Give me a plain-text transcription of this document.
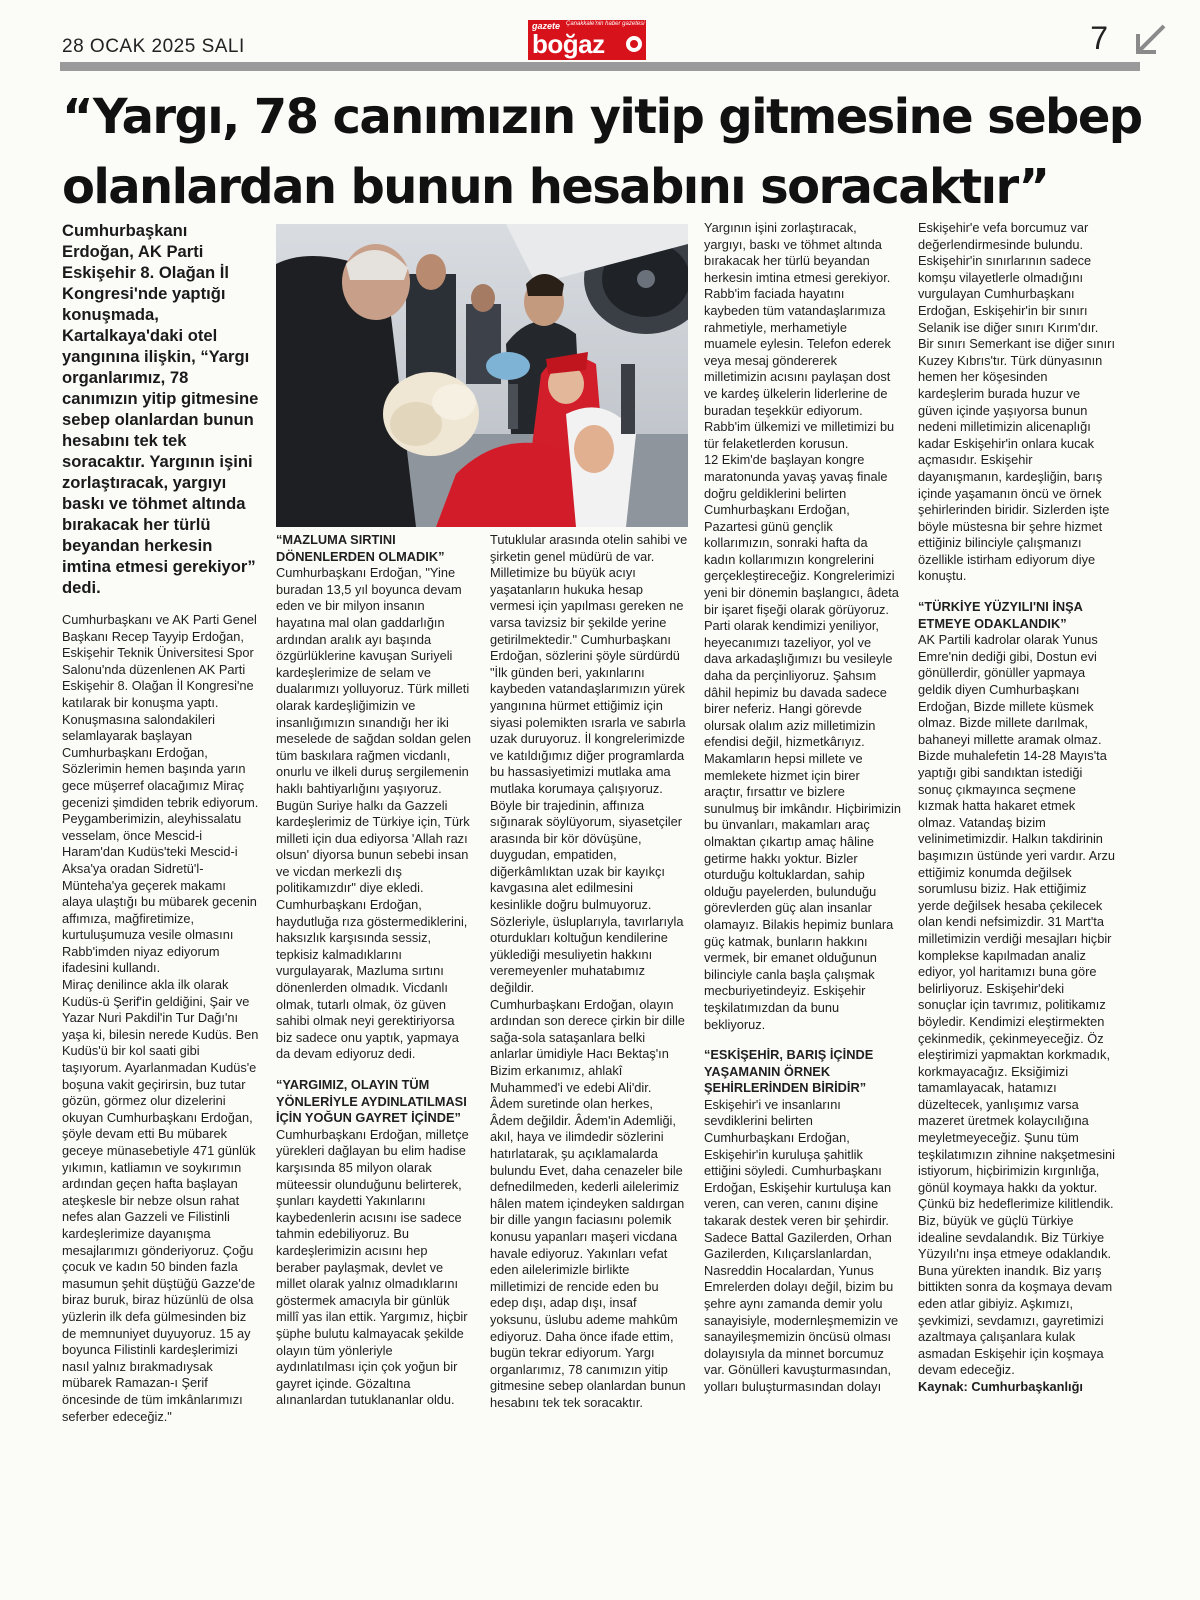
28 OCAK 2025 SALI
gazete Çanakkale'nin haber gazetesi
boğaz	7
“Yargı, 78 canımızın yitip gitmesine sebep olanlardan bunun hesabını soracaktır”

Cumhurbaşkanı Erdoğan, AK Parti Eskişehir 8. Olağan İl Kongresi'nde yaptığı konuşmada, Kartalkaya'daki otel yangınına ilişkin, “Yargı organlarımız, 78 canımızın yitip gitmesine sebep olanlardan bunun hesabını tek tek soracaktır. Yargının işini zorlaştıracak, yargıyı baskı ve töhmet altında bırakacak her türlü beyandan herkesin imtina etmesi gerekiyor” dedi.

Cumhurbaşkanı ve AK Parti Genel Başkanı Recep Tayyip Erdoğan, Eskişehir Teknik Üniversitesi Spor Salonu'nda düzenlenen AK Parti Eskişehir 8. Olağan İl Kongresi'ne katılarak bir konuşma yaptı. Konuşmasına salondakileri selamlayarak başlayan Cumhurbaşkanı Erdoğan, Sözlerimin hemen başında yarın gece müşerref olacağımız Miraç gecenizi şimdiden tebrik ediyorum. Peygamberimizin, aleyhissalatu vesselam, önce Mescid-i Haram'dan Kudüs'teki Mescid-i Aksa'ya oradan Sidretü'l-Münteha'ya geçerek makamı alaya ulaştığı bu mübarek gecenin affımıza, mağfiretimize, kurtuluşumuza vesile olmasını Rabb'imden niyaz ediyorum ifadesini kullandı.

Miraç denilince akla ilk olarak Kudüs-ü Şerif'in geldiğini, Şair ve Yazar Nuri Pakdil'in Tur Dağı'nı yaşa ki, bilesin nerede Kudüs. Ben Kudüs'ü bir kol saati gibi taşıyorum. Ayarlanmadan Kudüs'e boşuna vakit geçirirsin, buz tutar gözün, görmez olur dizelerini okuyan Cumhurbaşkanı Erdoğan, şöyle devam etti Bu mübarek geceye münasebetiyle 471 günlük yıkımın, katliamın ve soykırımın ardından geçen hafta başlayan ateşkesle bir nebze olsun rahat nefes alan Gazzeli ve Filistinli kardeşlerimize dayanışma mesajlarımızı gönderiyoruz. Çoğu çocuk ve kadın 50 binden fazla masumun şehit düştüğü Gazze'de biraz buruk, biraz hüzünlü de olsa yüzlerin ilk defa gülmesinden biz de memnuniyet duyuyoruz. 15 ay boyunca Filistinli kardeşlerimizi nasıl yalnız bırakmadıysak mübarek Ramazan-ı Şerif öncesinde de tüm imkânlarımızı seferber edeceğiz."

“MAZLUMA SIRTINI DÖNENLERDEN OLMADIK”

Cumhurbaşkanı Erdoğan, "Yine buradan 13,5 yıl boyunca devam eden ve bir milyon insanın hayatına mal olan gaddarlığın ardından aralık ayı başında özgürlüklerine kavuşan Suriyeli kardeşlerimize de selam ve dualarımızı yolluyoruz. Türk milleti olarak kardeşliğimizin ve insanlığımızın sınandığı her iki meselede de sağdan soldan gelen tüm baskılara rağmen vicdanlı, onurlu ve ilkeli duruş sergilemenin haklı bahtiyarlığını yaşıyoruz. Bugün Suriye halkı da Gazzeli kardeşlerimiz de Türkiye için, Türk milleti için dua ediyorsa 'Allah razı olsun' diyorsa bunun sebebi insan ve vicdan merkezli dış politikamızdır" diye ekledi. Cumhurbaşkanı Erdoğan, haydutluğa rıza göstermediklerini, haksızlık karşısında sessiz, tepkisiz kalmadıklarını vurgulayarak, Mazluma sırtını dönenlerden olmadık. Vicdanlı olmak, tutarlı olmak, öz güven sahibi olmak neyi gerektiriyorsa biz sadece onu yaptık, yapmaya da devam ediyoruz dedi.

“YARGIMIZ, OLAYIN TÜM YÖNLERİYLE AYDINLATILMASI İÇİN YOĞUN GAYRET İÇİNDE”

Cumhurbaşkanı Erdoğan, milletçe yürekleri dağlayan bu elim hadise karşısında 85 milyon olarak müteessir olunduğunu belirterek, şunları kaydetti Yakınlarını kaybedenlerin acısını ise sadece tahmin edebiliyoruz. Bu kardeşlerimizin acısını hep beraber paylaşmak, devlet ve millet olarak yalnız olmadıklarını göstermek amacıyla bir günlük millî yas ilan ettik. Yargımız, hiçbir şüphe bulutu kalmayacak şekilde olayın tüm yönleriyle aydınlatılması için çok yoğun bir gayret içinde. Gözaltına alınanlardan tutuklananlar oldu.

Tutuklular arasında otelin sahibi ve şirketin genel müdürü de var. Milletimize bu büyük acıyı yaşatanların hukuka hesap vermesi için yapılması gereken ne varsa tavizsiz bir şekilde yerine getirilmektedir." Cumhurbaşkanı Erdoğan, sözlerini şöyle sürdürdü "İlk günden beri, yakınlarını kaybeden vatandaşlarımızın yürek yangınına hürmet ettiğimiz için siyasi polemikten ısrarla ve sabırla uzak duruyoruz. İl kongrelerimizde ve katıldığımız diğer programlarda bu hassasiyetimizi mutlaka ama mutlaka korumaya çalışıyoruz. Böyle bir trajedinin, affınıza sığınarak söylüyorum, siyasetçiler arasında bir kör dövüşüne, duygudan, empatiden, diğerkâmlıktan uzak bir kayıkçı kavgasına alet edilmesini kesinlikle doğru bulmuyoruz. Sözleriyle, üsluplarıyla, tavırlarıyla oturdukları koltuğun kendilerine yüklediği mesuliyetin hakkını veremeyenler muhatabımız değildir.

Cumhurbaşkanı Erdoğan, olayın ardından son derece çirkin bir dille sağa-sola sataşanlara belki anlarlar ümidiyle Hacı Bektaş'ın Bizim erkanımız, ahlakî Muhammed'i ve edebi Ali'dir. Âdem suretinde olan herkes, Âdem değildir. Âdem'in Ademliği, akıl, haya ve ilimdedir sözlerini hatırlatarak, şu açıklamalarda bulundu Evet, daha cenazeler bile defnedilmeden, kederli ailelerimiz hâlen matem içindeyken saldırgan bir dille yangın faciasını polemik konusu yapanları maşeri vicdana havale ediyoruz. Yakınları vefat eden ailelerimizle birlikte milletimizi de rencide eden bu edep dışı, adap dışı, insaf yoksunu, üslubu ademe mahkûm ediyoruz. Daha önce ifade ettim, bugün tekrar ediyorum. Yargı organlarımız, 78 canımızın yitip gitmesine sebep olanlardan bunun hesabını tek tek soracaktır.

Yargının işini zorlaştıracak, yargıyı, baskı ve töhmet altında bırakacak her türlü beyandan herkesin imtina etmesi gerekiyor. Rabb'im faciada hayatını kaybeden tüm vatandaşlarımıza rahmetiyle, merhametiyle muamele eylesin. Telefon ederek veya mesaj göndererek milletimizin acısını paylaşan dost ve kardeş ülkelerin liderlerine de buradan teşekkür ediyorum. Rabb'im ülkemizi ve milletimizi bu tür felaketlerden korusun.

12 Ekim'de başlayan kongre maratonunda yavaş yavaş finale doğru geldiklerini belirten Cumhurbaşkanı Erdoğan, Pazartesi günü gençlik kollarımızın, sonraki hafta da kadın kollarımızın kongrelerini gerçekleştireceğiz. Kongrelerimizi yeni bir dönemin başlangıcı, âdeta bir işaret fişeği olarak görüyoruz. Parti olarak kendimizi yeniliyor, heyecanımızı tazeliyor, yol ve dava arkadaşlığımızı bu vesileyle daha da perçinliyoruz. Şahsım dâhil hepimiz bu davada sadece birer neferiz. Hangi görevde olursak olalım aziz milletimizin efendisi değil, hizmetkârıyız. Makamların hepsi millete ve memlekete hizmet için birer araçtır, fırsattır ve bizlere sunulmuş bir imkândır. Hiçbirimizin bu ünvanları, makamları araç olmaktan çıkartıp amaç hâline getirme hakkı yoktur. Bizler oturduğu koltuklardan, sahip olduğu payelerden, bulunduğu görevlerden güç alan insanlar olamayız. Bilakis hepimiz bunlara güç katmak, bunların hakkını vermek, bir emanet olduğunun bilinciyle canla başla çalışmak mecburiyetindeyiz. Eskişehir teşkilatımızdan da bunu bekliyoruz.

“ESKİŞEHİR, BARIŞ İÇİNDE YAŞAMANIN ÖRNEK ŞEHİRLERİNDEN BİRİDİR”

Eskişehir'i ve insanlarını sevdiklerini belirten Cumhurbaşkanı Erdoğan, Eskişehir'in kuruluşa şahitlik ettiğini söyledi. Cumhurbaşkanı Erdoğan, Eskişehir kurtuluşa kan veren, can veren, canını dişine takarak destek veren bir şehirdir. Sadece Battal Gazilerden, Orhan Gazilerden, Kılıçarslanlardan, Nasreddin Hocalardan, Yunus Emrelerden dolayı değil, bizim bu şehre aynı zamanda demir yolu sanayisiyle, modernleşmemizin ve sanayileşmemizin öncüsü olması dolayısıyla da minnet borcumuz var. Gönülleri kavuşturmasından, yolları buluşturmasından dolayı

Eskişehir'e vefa borcumuz var değerlendirmesinde bulundu. Eskişehir'in sınırlarının sadece komşu vilayetlerle olmadığını vurgulayan Cumhurbaşkanı Erdoğan, Eskişehir'in bir sınırı Selanik ise diğer sınırı Kırım'dır. Bir sınırı Semerkant ise diğer sınırı Kuzey Kıbrıs'tır. Türk dünyasının hemen her köşesinden kardeşlerim burada huzur ve güven içinde yaşıyorsa bunun nedeni milletimizin alicenaplığı kadar Eskişehir'in onlara kucak açmasıdır. Eskişehir dayanışmanın, kardeşliğin, barış içinde yaşamanın öncü ve örnek şehirlerinden biridir. Sizlerden işte böyle müstesna bir şehre hizmet ettiğiniz bilinciyle çalışmanızı özellikle istirham ediyorum diye konuştu.

“TÜRKİYE YÜZYILI'NI İNŞA ETMEYE ODAKLANDIK”

AK Partili kadrolar olarak Yunus Emre'nin dediği gibi, Dostun evi gönüllerdir, gönüller yapmaya geldik diyen Cumhurbaşkanı Erdoğan, Bizde millete küsmek olmaz. Bizde millete darılmak, bahaneyi millette aramak olmaz. Bizde muhalefetin 14-28 Mayıs'ta yaptığı gibi sandıktan istediği sonuç çıkmayınca seçmene kızmak hatta hakaret etmek olmaz. Vatandaş bizim velinimetimizdir. Halkın takdirinin başımızın üstünde yeri vardır. Arzu ettiğimiz konumda değilsek sorumlusu biziz. Hak ettiğimiz yerde değilsek hesaba çekilecek olan kendi nefsimizdir. 31 Mart'ta milletimizin verdiği mesajları hiçbir komplekse kapılmadan analiz ediyor, yol haritamızı buna göre belirliyoruz. Eskişehir'deki sonuçlar için tavrımız, politikamız böyledir. Kendimizi eleştirmekten çekinmedik, çekinmeyeceğiz. Öz eleştirimizi yapmaktan korkmadık, korkmayacağız. Eksiğimizi tamamlayacak, hatamızı düzeltecek, yanlışımız varsa mazeret üretmek kolaycılığına meyletmeyeceğiz. Şunu tüm teşkilatımızın zihnine nakşetmesini istiyorum, hiçbirimizin kırgınlığa, gönül koymaya hakkı da yoktur. Çünkü biz hedeflerimize kilitlendik. Biz, büyük ve güçlü Türkiye idealine sevdalandık. Biz Türkiye Yüzyılı'nı inşa etmeye odaklandık. Buna yürekten inandık. Biz yarış bittikten sonra da koşmaya devam eden atlar gibiyiz. Aşkımızı, şevkimizi, sevdamızı, gayretimizi azaltmaya çalışanlara kulak asmadan Eskişehir için koşmaya devam edeceğiz.

Kaynak: Cumhurbaşkanlığı
